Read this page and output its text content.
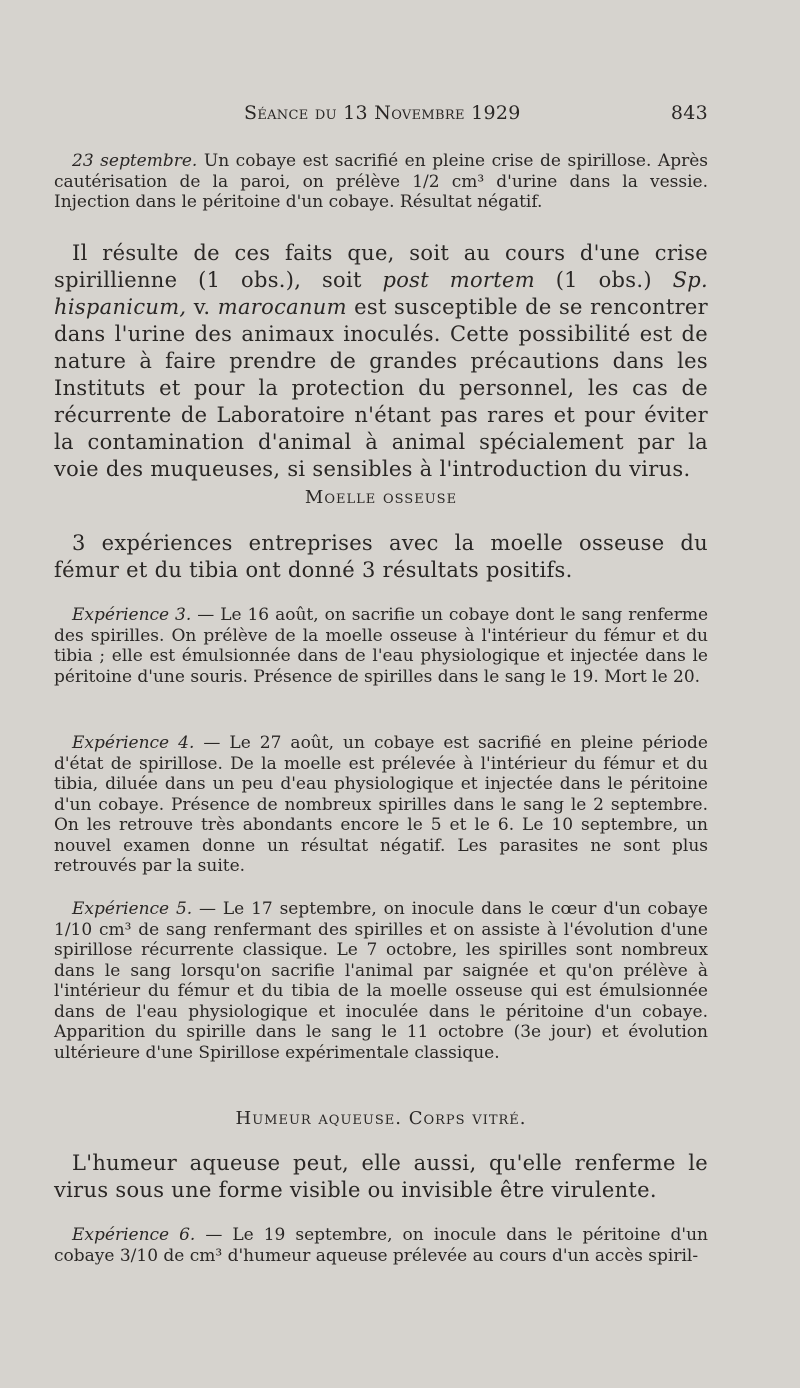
Séance du 13 Novembre 1929	843

23 septembre. Un cobaye est sacrifié en pleine crise de spirillose. Après cautérisation de la paroi, on prélève 1/2 cm³ d'urine dans la vessie. Injection dans le péritoine d'un cobaye. Résultat négatif.

Il résulte de ces faits que, soit au cours d'une crise spirillienne (1 obs.), soit post mortem (1 obs.) Sp. hispanicum, v. marocanum est susceptible de se rencontrer dans l'urine des animaux inoculés. Cette possibilité est de nature à faire prendre de grandes précautions dans les Instituts et pour la protection du personnel, les cas de récurrente de Laboratoire n'étant pas rares et pour éviter la contamination d'animal à animal spécialement par la voie des muqueuses, si sensibles à l'introduction du virus.

Moelle osseuse

3 expériences entreprises avec la moelle osseuse du fémur et du tibia ont donné 3 résultats positifs.

Expérience 3. — Le 16 août, on sacrifie un cobaye dont le sang renferme des spirilles. On prélève de la moelle osseuse à l'intérieur du fémur et du tibia ; elle est émulsionnée dans de l'eau physiologique et injectée dans le péritoine d'une souris. Présence de spirilles dans le sang le 19. Mort le 20.

Expérience 4. — Le 27 août, un cobaye est sacrifié en pleine période d'état de spirillose. De la moelle est prélevée à l'intérieur du fémur et du tibia, diluée dans un peu d'eau physiologique et injectée dans le péritoine d'un cobaye. Présence de nombreux spirilles dans le sang le 2 septembre. On les retrouve très abondants encore le 5 et le 6. Le 10 septembre, un nouvel examen donne un résultat négatif. Les parasites ne sont plus retrouvés par la suite.

Expérience 5. — Le 17 septembre, on inocule dans le cœur d'un cobaye 1/10 cm³ de sang renfermant des spirilles et on assiste à l'évolution d'une spirillose récurrente classique. Le 7 octobre, les spirilles sont nombreux dans le sang lorsqu'on sacrifie l'animal par saignée et qu'on prélève à l'intérieur du fémur et du tibia de la moelle osseuse qui est émulsionnée dans de l'eau physiologique et inoculée dans le péritoine d'un cobaye. Apparition du spirille dans le sang le 11 octobre (3e jour) et évolution ultérieure d'une Spirillose expérimentale classique.

Humeur aqueuse. Corps vitré.

L'humeur aqueuse peut, elle aussi, qu'elle renferme le virus sous une forme visible ou invisible être virulente.

Expérience 6. — Le 19 septembre, on inocule dans le péritoine d'un cobaye 3/10 de cm³ d'humeur aqueuse prélevée au cours d'un accès spiril-
